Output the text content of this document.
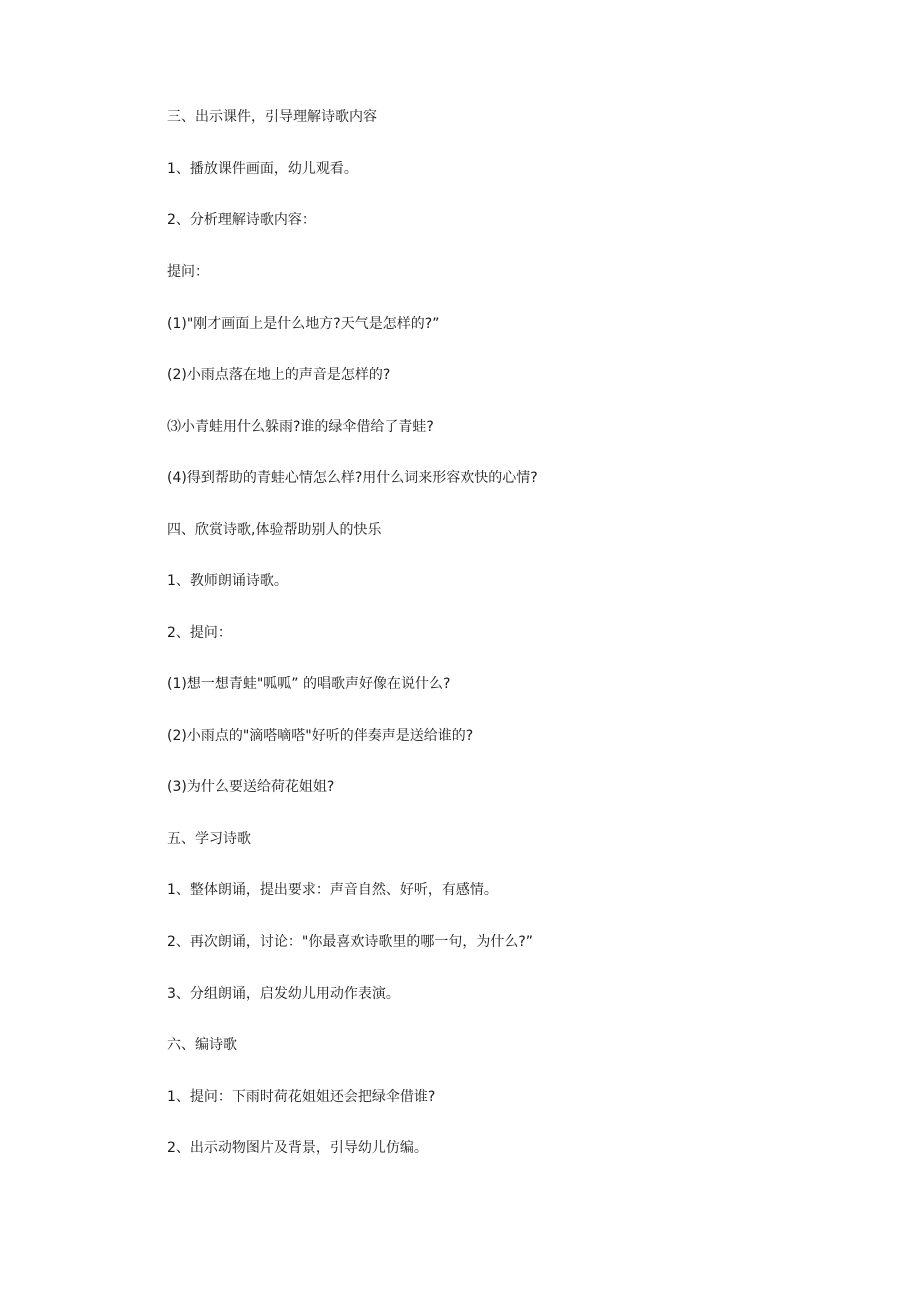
三、出示课件，引导理解诗歌内容

1、播放课件画面，幼儿观看。

2、分析理解诗歌内容：

提问：

(1)"刚才画面上是什么地方?天气是怎样的?”

(2)小雨点落在地上的声音是怎样的?

⑶小青蛙用什么躲雨?谁的绿伞借给了青蛙?

(4)得到帮助的青蛙心情怎么样?用什么词来形容欢快的心情?

四、欣赏诗歌,体验帮助别人的快乐

1、教师朗诵诗歌。

2、提问：

(1)想一想青蛙"呱呱” 的唱歌声好像在说什么?

(2)小雨点的"滴嗒嘀嗒"好听的伴奏声是送给谁的?

(3)为什么要送给荷花姐姐?

五、学习诗歌

1、整体朗诵，提出要求：声音自然、好听，有感情。

2、再次朗诵，讨论："你最喜欢诗歌里的哪一句，为什么?”

3、分组朗诵，启发幼儿用动作表演。

六、编诗歌

1、提问：下雨时荷花姐姐还会把绿伞借谁?

2、出示动物图片及背景，引导幼儿仿编。
